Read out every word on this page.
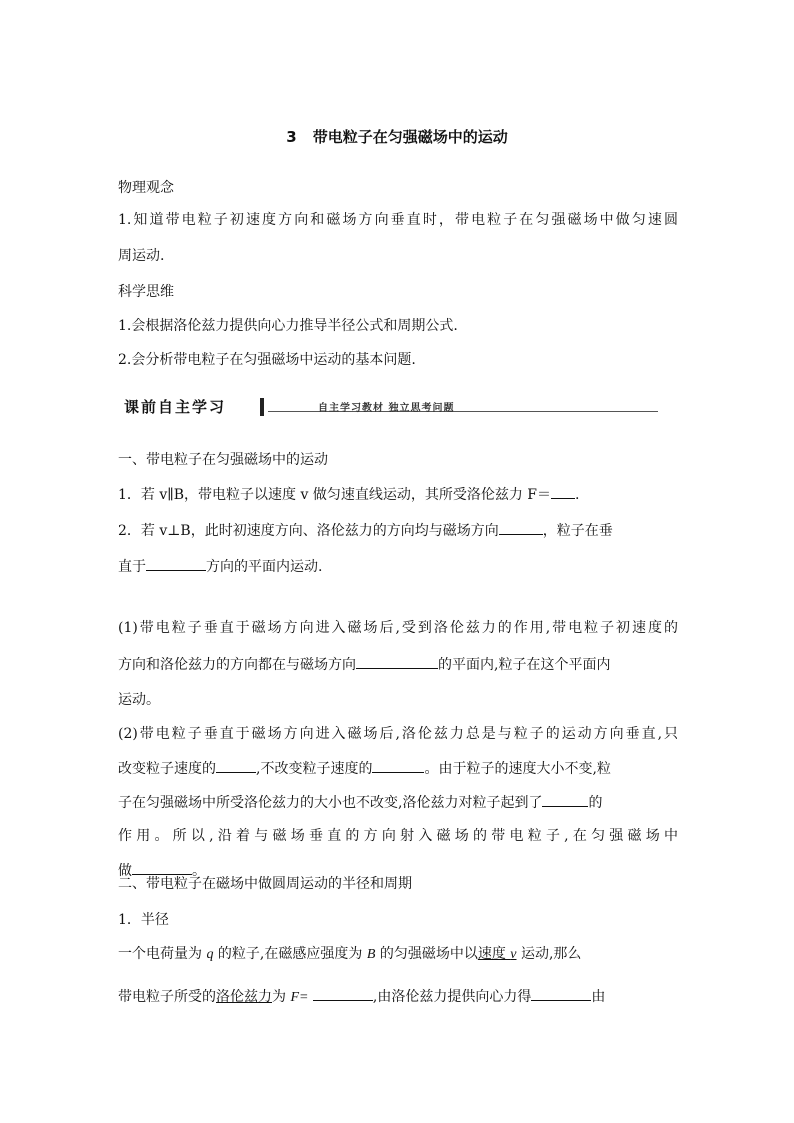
3 带电粒子在匀强磁场中的运动
物理观念
1.知道带电粒子初速度方向和磁场方向垂直时，带电粒子在匀强磁场中做匀速圆
周运动.
科学思维
1.会根据洛伦兹力提供向心力推导半径公式和周期公式.
2.会分析带电粒子在匀强磁场中运动的基本问题.
课前自主学习	自主学习教材 独立思考问题
一、带电粒子在匀强磁场中的运动
1．若 v∥B，带电粒子以速度 v 做匀速直线运动，其所受洛伦兹力 F＝ .
2．若 v⊥B，此时初速度方向、洛伦兹力的方向均与磁场方向	，粒子在垂
直于	方向的平面内运动.
(1)带电粒子垂直于磁场方向进入磁场后,受到洛伦兹力的作用,带电粒子初速度的
方向和洛伦兹力的方向都在与磁场方向	的平面内,粒子在这个平面内
运动。
(2)带电粒子垂直于磁场方向进入磁场后,洛伦兹力总是与粒子的运动方向垂直,只
改变粒子速度的	,不改变粒子速度的	。由于粒子的速度大小不变,粒
子在匀强磁场中所受洛伦兹力的大小也不改变,洛伦兹力对粒子起到了	的
作用。所以,沿着与磁场垂直的方向射入磁场的带电粒子,在匀强磁场中
做	。
二、带电粒子在磁场中做圆周运动的半径和周期
1．半径
一个电荷量为 q 的粒子,在磁感应强度为 B 的匀强磁场中以速度 v 运动,那么
带电粒子所受的洛伦兹力为 F=	,由洛伦兹力提供向心力得	由
